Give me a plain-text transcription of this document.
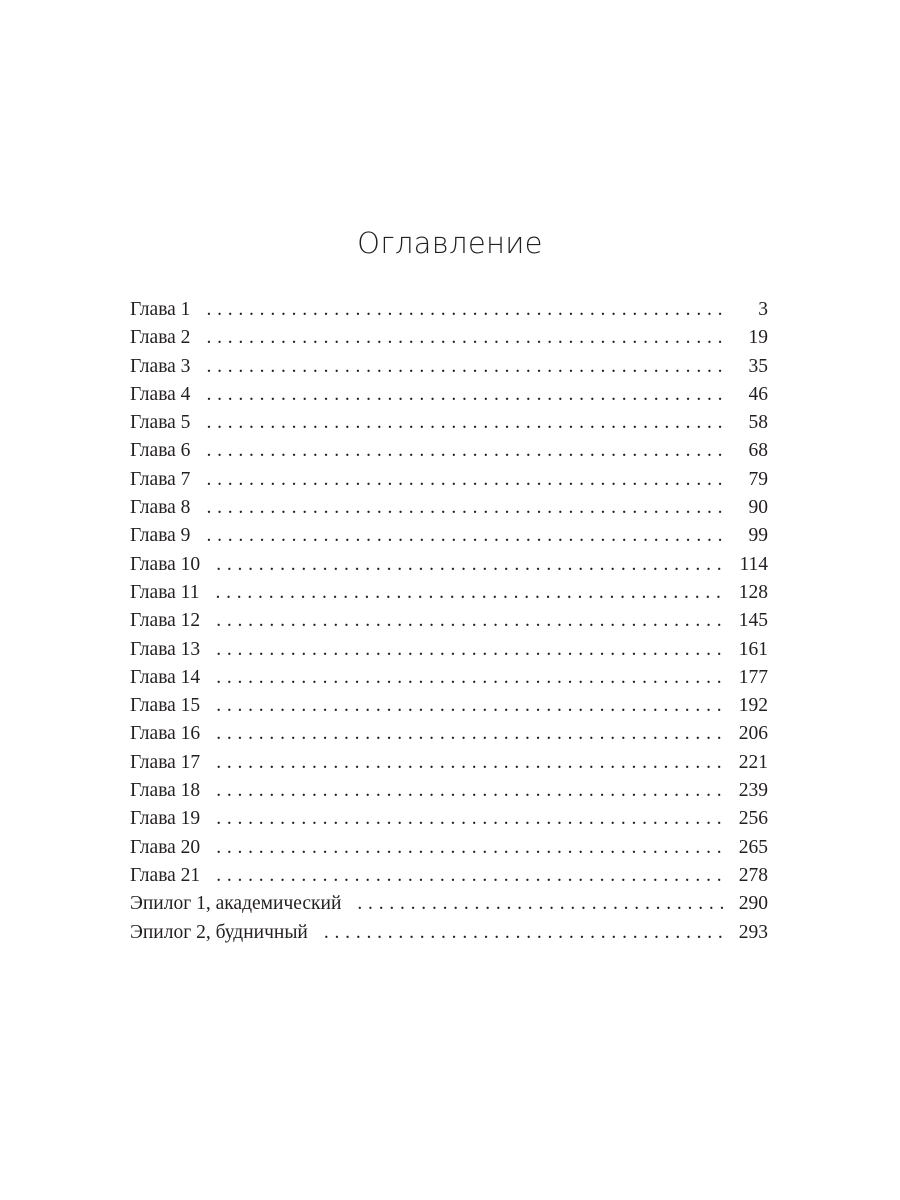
Оглавление
Глава 1 . . .	3
Глава 2 . . .	19
Глава 3 . . .	35
Глава 4 . . .	46
Глава 5 . . .	58
Глава 6 . . .	68
Глава 7 . . .	79
Глава 8 . . .	90
Глава 9 . . .	99
Глава 10 . . .	114
Глава 11 . . .	128
Глава 12 . . .	145
Глава 13 . . .	161
Глава 14 . . .	177
Глава 15 . . .	192
Глава 16 . . .	206
Глава 17 . . .	221
Глава 18 . . .	239
Глава 19 . . .	256
Глава 20 . . .	265
Глава 21 . . .	278
Эпилог 1, академический . . .	290
Эпилог 2, будничный . . .	293
